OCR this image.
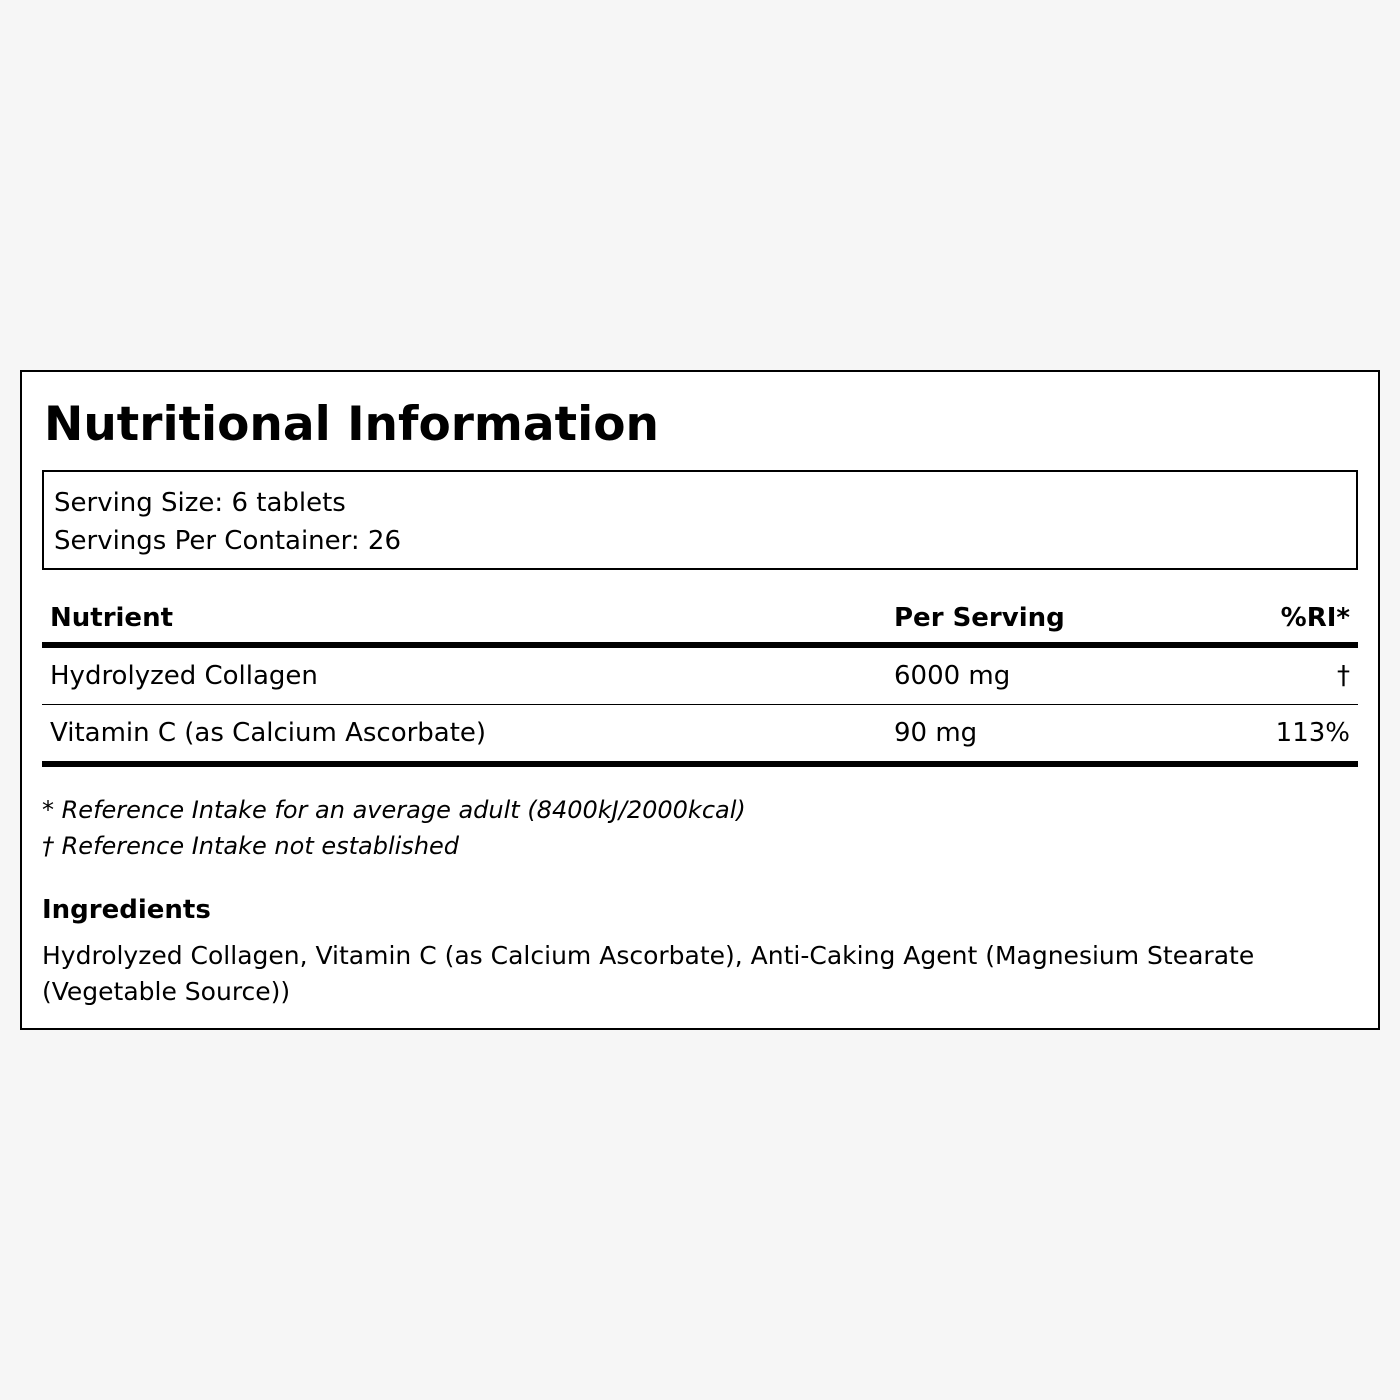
Nutritional Information
Serving Size: 6 tablets
Servings Per Container: 26
Nutrient	Per Serving	%RI*
Hydrolyzed Collagen	6000 mg	†
Vitamin C (as Calcium Ascorbate)	90 mg	113%
* Reference Intake for an average adult (8400kJ/2000kcal)
† Reference Intake not established
Ingredients
Hydrolyzed Collagen, Vitamin C (as Calcium Ascorbate), Anti-Caking Agent (Magnesium Stearate (Vegetable Source))
